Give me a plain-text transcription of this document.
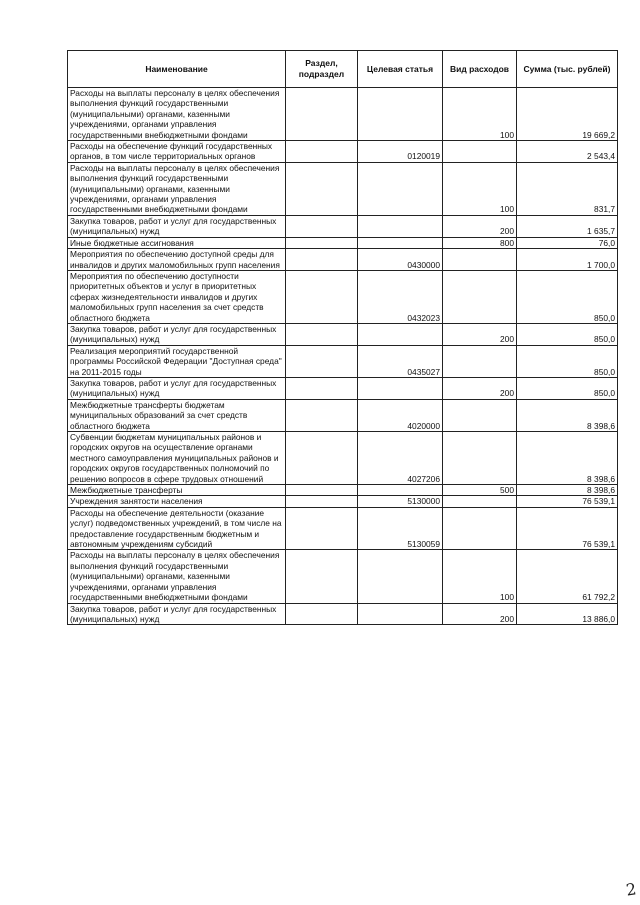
Наименование	Раздел, подраздел	Целевая статья	Вид расходов	Сумма (тыс. рублей)
Расходы на выплаты персоналу в целях обеспечения выполнения функций государственными (муниципальными) органами, казенными учреждениями, органами управления государственными внебюджетными фондами			100	19 669,2
Расходы на обеспечение функций государственных органов, в том числе территориальных органов		0120019		2 543,4
Расходы на выплаты персоналу в целях обеспечения выполнения функций государственными (муниципальными) органами, казенными учреждениями, органами управления государственными внебюджетными фондами			100	831,7
Закупка товаров, работ и услуг для государственных (муниципальных) нужд			200	1 635,7
Иные бюджетные ассигнования			800	76,0
Мероприятия по обеспечению доступной среды для инвалидов и других маломобильных групп населения		0430000		1 700,0
Мероприятия по обеспечению доступности приоритетных объектов и услуг в приоритетных сферах жизнедеятельности инвалидов и других маломобильных групп населения за счет средств областного бюджета		0432023		850,0
Закупка товаров, работ и услуг для государственных (муниципальных) нужд			200	850,0
Реализация мероприятий государственной программы Российской Федерации "Доступная среда" на 2011-2015 годы		0435027		850,0
Закупка товаров, работ и услуг для государственных (муниципальных) нужд			200	850,0
Межбюджетные трансферты бюджетам муниципальных образований за счет средств областного бюджета		4020000		8 398,6
Субвенции бюджетам муниципальных районов и городских округов на осуществление органами местного самоуправления муниципальных районов и городских округов государственных полномочий по решению вопросов в сфере трудовых отношений		4027206		8 398,6
Межбюджетные трансферты			500	8 398,6
Учреждения занятости населения		5130000		76 539,1
Расходы на обеспечение деятельности (оказание услуг) подведомственных учреждений, в том числе на предоставление государственным бюджетным и автономным учреждениям субсидий		5130059		76 539,1
Расходы на выплаты персоналу в целях обеспечения выполнения функций государственными (муниципальными) органами, казенными учреждениями, органами управления государственными внебюджетными фондами			100	61 792,2
Закупка товаров, работ и услуг для государственных (муниципальных) нужд			200	13 886,0
2
